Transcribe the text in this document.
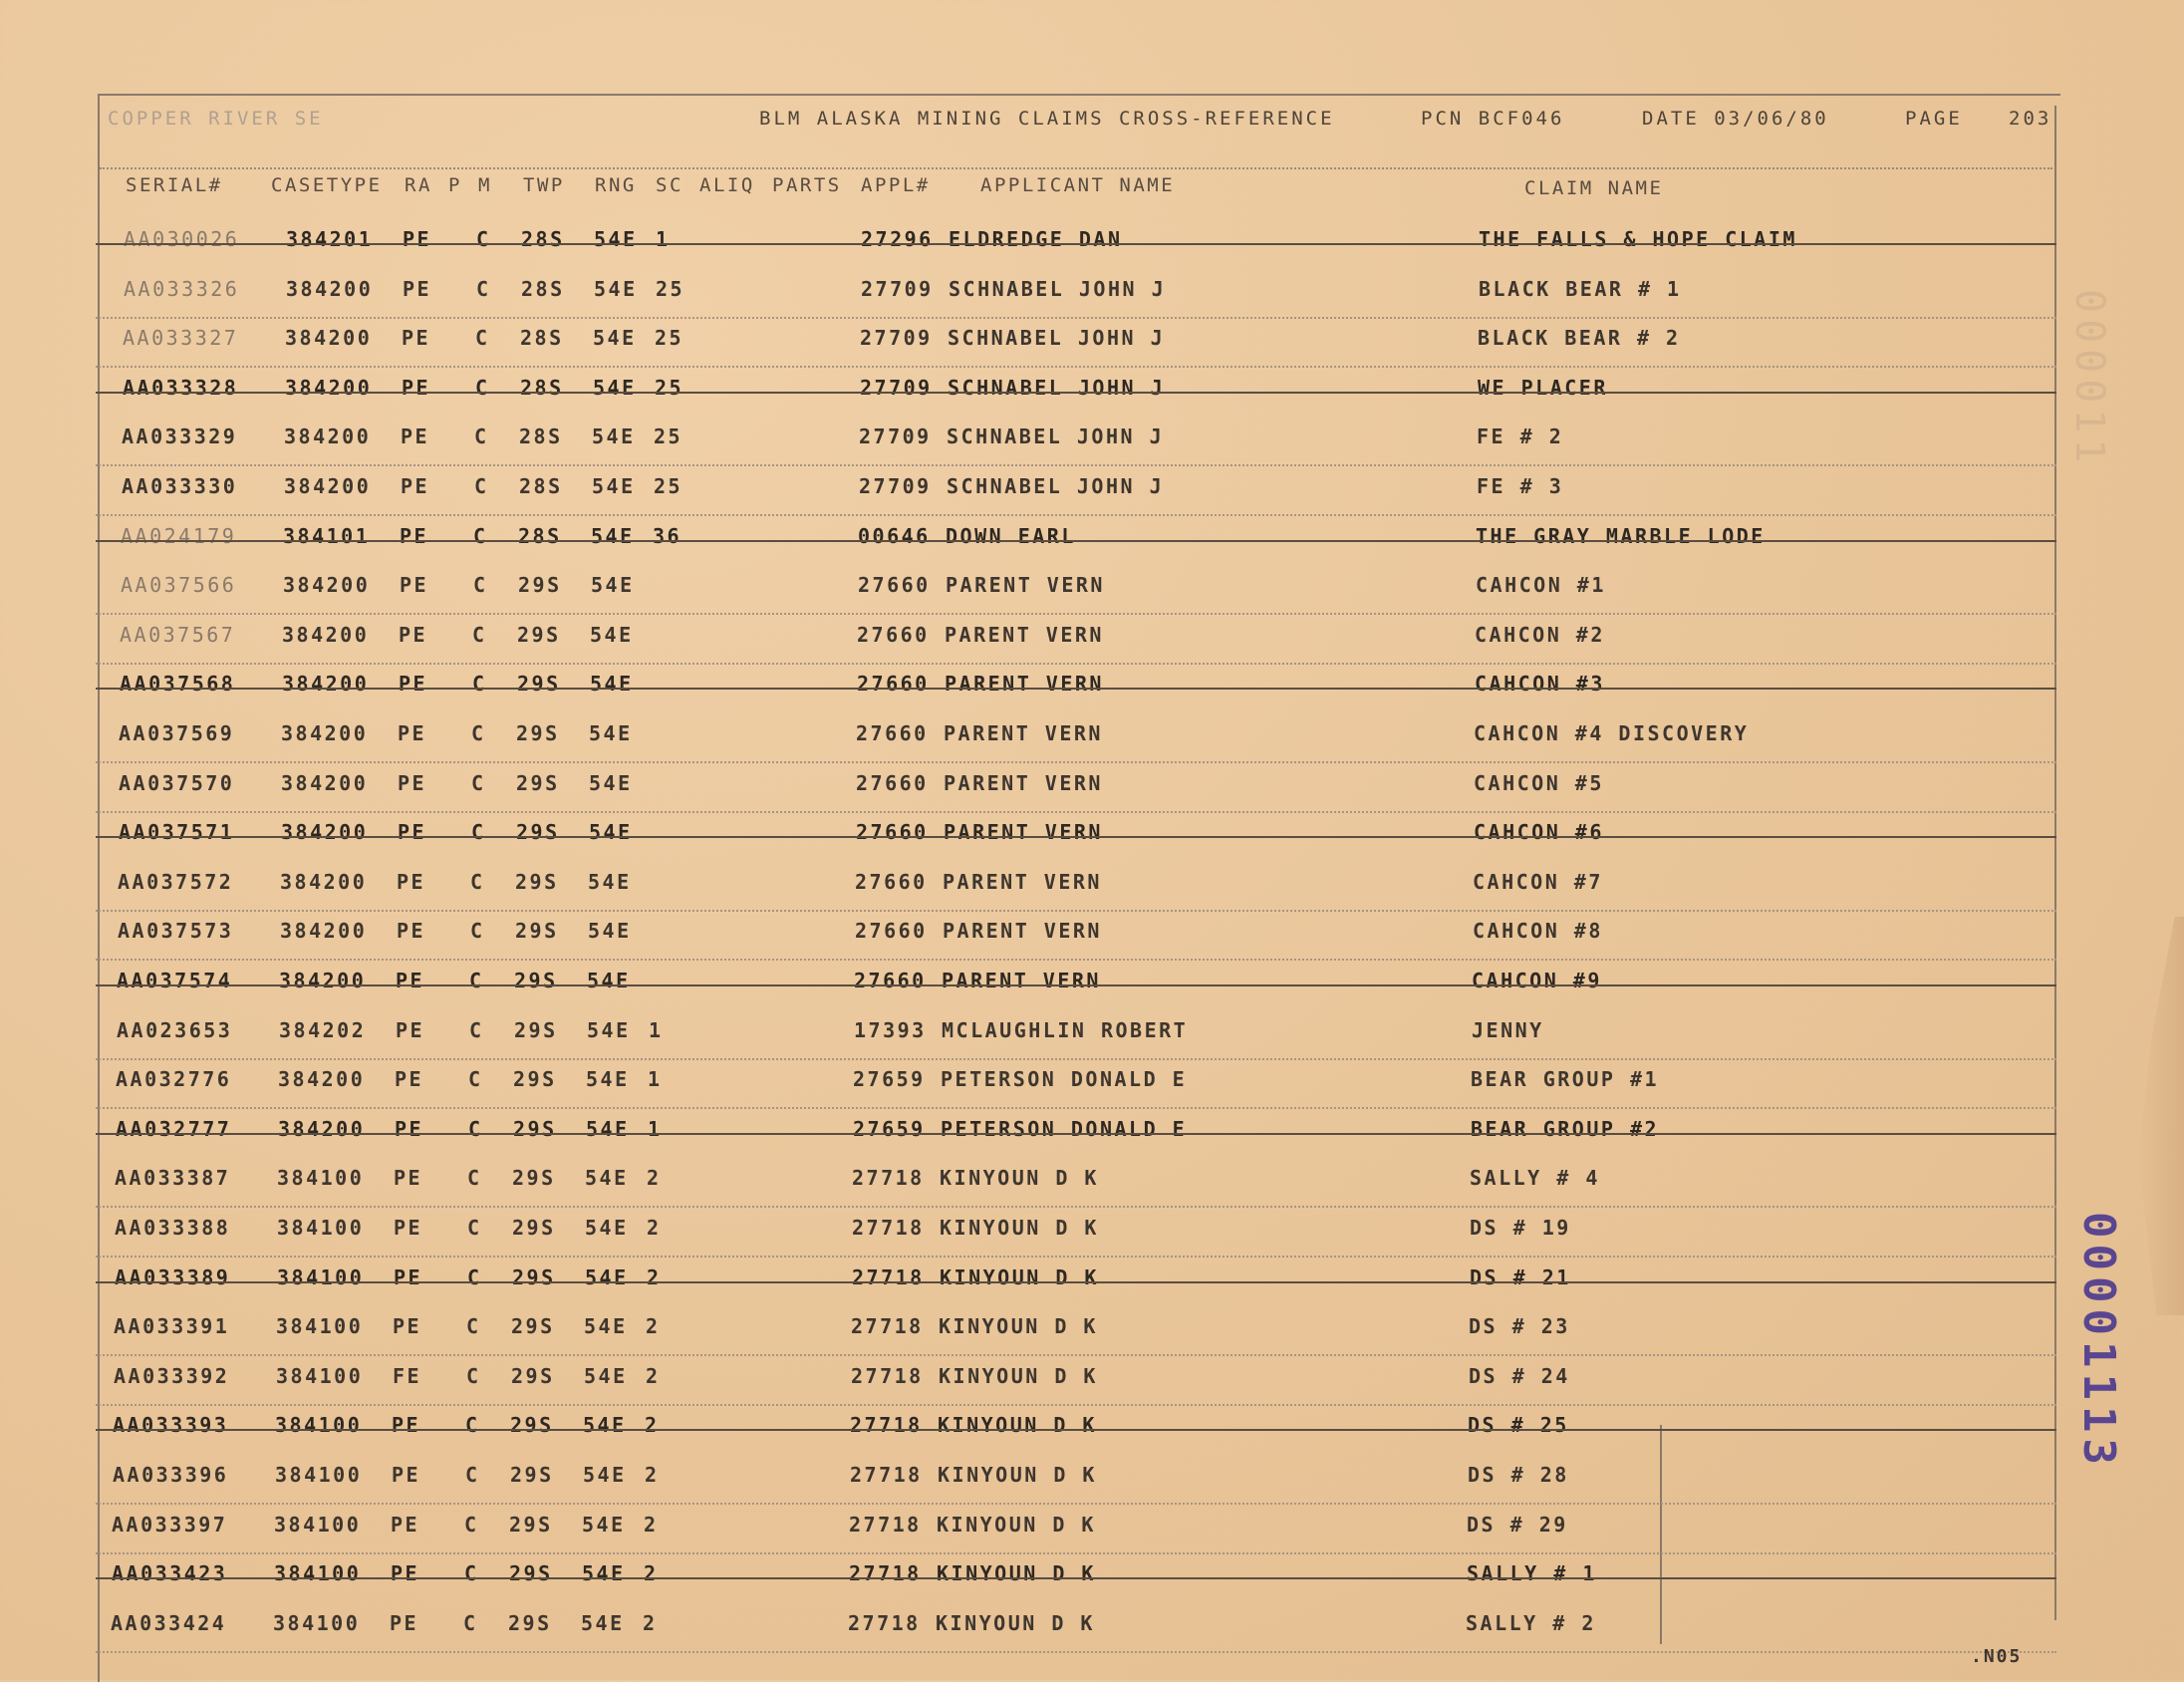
COPPER RIVER SE	BLM ALASKA MINING CLAIMS CROSS-REFERENCE	PCN BCF046	DATE 03/06/80	PAGE 203
SERIAL#	CASETYPE RA P M TWP RNG SC ALIQ PARTS APPL#	APPLICANT NAME	CLAIM NAME
AA030026 384201 PE C 28S 54E 1	27296 ELDREDGE DAN	THE FALLS & HOPE CLAIM
AA033326 384200 PE C 28S 54E 25	27709 SCHNABEL JOHN J	BLACK BEAR # 1
AA033327 384200 PE C 28S 54E 25	27709 SCHNABEL JOHN J	BLACK BEAR # 2
AA033328 384200 PE C 28S 54E 25	27709 SCHNABEL JOHN J	WE PLACER
AA033329 384200 PE C 28S 54E 25	27709 SCHNABEL JOHN J	FE # 2
AA033330 384200 PE C 28S 54E 25	27709 SCHNABEL JOHN J	FE # 3
AA024179 384101 PE C 28S 54E 36	00646 DOWN EARL	THE GRAY MARBLE LODE
AA037566 384200 PE C 29S 54E	27660 PARENT VERN	CAHCON #1
AA037567 384200 PE C 29S 54E	27660 PARENT VERN	CAHCON #2
AA037568 384200 PE C 29S 54E	27660 PARENT VERN	CAHCON #3
AA037569 384200 PE C 29S 54E	27660 PARENT VERN	CAHCON #4 DISCOVERY
AA037570 384200 PE C 29S 54E	27660 PARENT VERN	CAHCON #5
AA037571 384200 PE C 29S 54E	27660 PARENT VERN	CAHCON #6
AA037572 384200 PE C 29S 54E	27660 PARENT VERN	CAHCON #7
AA037573 384200 PE C 29S 54E	27660 PARENT VERN	CAHCON #8
AA037574 384200 PE C 29S 54E	27660 PARENT VERN	CAHCON #9
AA023653 384202 PE C 29S 54E 1	17393 MCLAUGHLIN ROBERT	JENNY
AA032776 384200 PE C 29S 54E 1	27659 PETERSON DONALD E	BEAR GROUP #1
AA032777 384200 PE C 29S 54E 1	27659 PETERSON DONALD E	BEAR GROUP #2
AA033387 384100 PE C 29S 54E 2	27718 KINYOUN D K	SALLY # 4
AA033388 384100 PE C 29S 54E 2	27718 KINYOUN D K	DS # 19
AA033389 384100 PE C 29S 54E 2	27718 KINYOUN D K	DS # 21
AA033391 384100 PE C 29S 54E 2	27718 KINYOUN D K	DS # 23
AA033392 384100 FE C 29S 54E 2	27718 KINYOUN D K	DS # 24
AA033393 384100 PE C 29S 54E 2	27718 KINYOUN D K	DS # 25
AA033396 384100 PE C 29S 54E 2	27718 KINYOUN D K	DS # 28
AA033397 384100 PE C 29S 54E 2	27718 KINYOUN D K	DS # 29
AA033423 384100 PE C 29S 54E 2	27718 KINYOUN D K	SALLY # 1
AA033424 384100 PE C 29S 54E 2	27718 KINYOUN D K	SALLY # 2
.N05
00001113
000011
